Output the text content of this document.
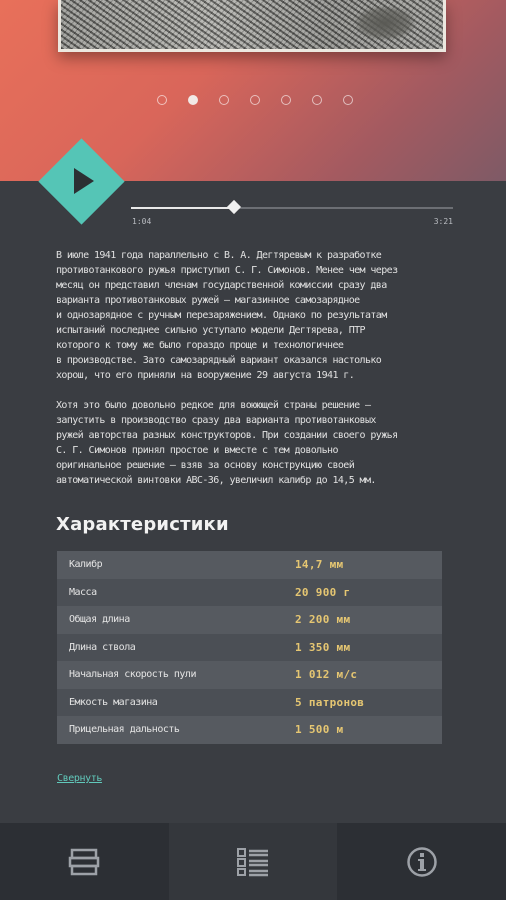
1:04	3:21

В июле 1941 года параллельно с В. А. Дегтяревым к разработке
противотанкового ружья приступил С. Г. Симонов. Менее чем через
месяц он представил членам государственной комиссии сразу два
варианта противотанковых ружей — магазинное самозарядное
и однозарядное с ручным перезаряжением. Однако по результатам
испытаний последнее сильно уступало модели Дегтярева, ПТР
которого к тому же было гораздо проще и технологичнее
в производстве. Зато самозарядный вариант оказался настолько
хорош, что его приняли на вооружение 29 августа 1941 г.

Хотя это было довольно редкое для воюющей страны решение –
запустить в производство сразу два варианта противотанковых
ружей авторства разных конструкторов. При создании своего ружья
С. Г. Симонов принял простое и вместе с тем довольно
оригинальное решение – взяв за основу конструкцию своей
автоматической винтовки АВС-36, увеличил калибр до 14,5 мм.

Характеристики
Калибр	14,7 мм
Масса	20 900 г
Общая длина	2 200 мм
Длина ствола	1 350 мм
Начальная скорость пули	1 012 м/с
Емкость магазина	5 патронов
Прицельная дальность	1 500 м
Свернуть
